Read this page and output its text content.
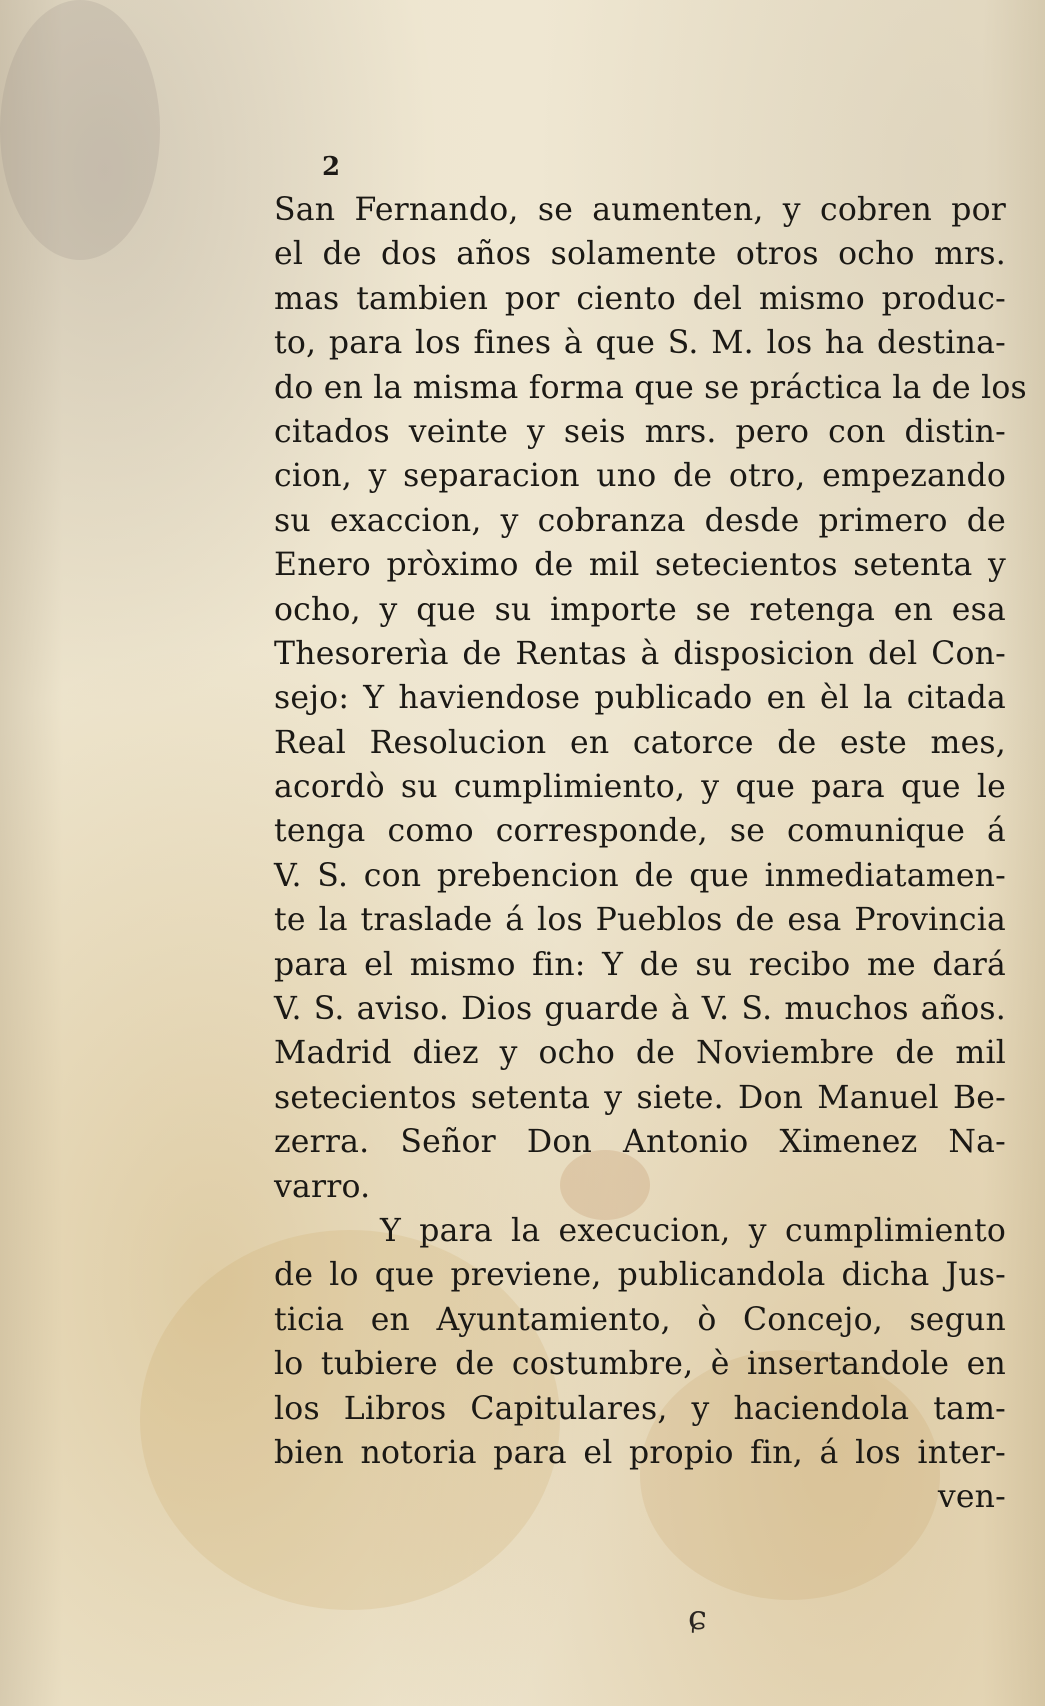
2
San Fernando, se aumenten, y cobren por
el de dos años solamente otros ocho mrs.
mas tambien por ciento del mismo produc-
to, para los fines à que S. M. los ha destina-
do en la misma forma que se práctica la de los
citados veinte y seis mrs. pero con distin-
cion, y separacion uno de otro, empezando
su exaccion, y cobranza desde primero de
Enero pròximo de mil setecientos setenta y
ocho, y que su importe se retenga en esa
Thesorerìa de Rentas à disposicion del Con-
sejo: Y haviendose publicado en èl la citada
Real Resolucion en catorce de este mes,
acordò su cumplimiento, y que para que le
tenga como corresponde, se comunique á
V. S. con prebencion de que inmediatamen-
te la traslade á los Pueblos de esa Provincia
para el mismo fin: Y de su recibo me dará
V. S. aviso. Dios guarde à V. S. muchos años.
Madrid diez y ocho de Noviembre de mil
setecientos setenta y siete. Don Manuel Be-
zerra. Señor Don Antonio Ximenez Na-
varro.
Y para la execucion, y cumplimiento
de lo que previene, publicandola dicha Jus-
ticia en Ayuntamiento, ò Concejo, segun
lo tubiere de costumbre, è insertandole en
los Libros Capitulares, y haciendola tam-
bien notoria para el propio fin, á los inter-
ven-
ɕ
